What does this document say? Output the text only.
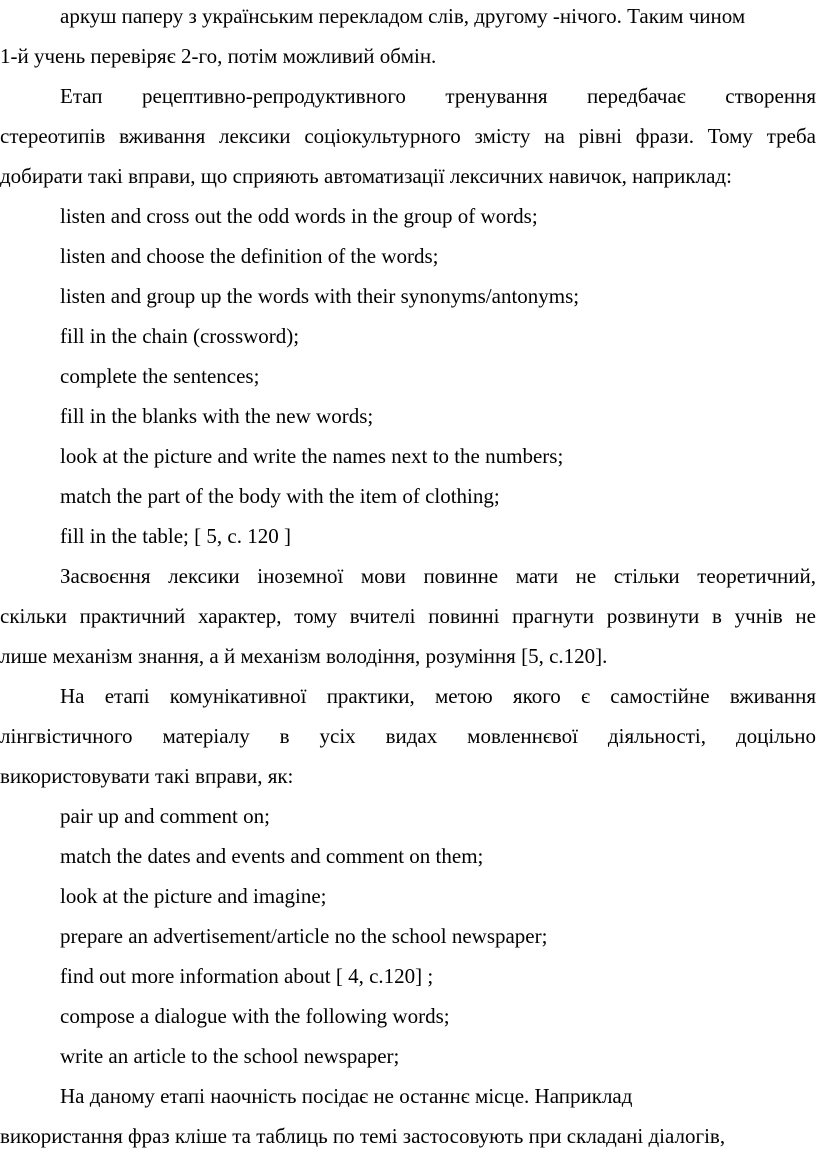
аркуш паперу з українським перекладом слів, другому -нічого. Таким чином
1-й учень перевіряє 2-го, потім можливий обмін.
Етап рецептивно-репродуктивного тренування передбачає створення
стереотипів вживання лексики соціокультурного змісту на рівні фрази. Тому треба
добирати такі вправи, що сприяють автоматизації лексичних навичок, наприклад:
listen and cross out the odd words in the group of words;
listen and choose the definition of the words;
listen and group up the words with their synonyms/antonyms;
fill in the chain (crossword);
complete the sentences;
fill in the blanks with the new words;
look at the picture and write the names next to the numbers;
match the part of the body with the item of clothing;
fill in the table; [ 5, c. 120 ]
Засвоєння лексики іноземної мови повинне мати не стільки теоретичний,
скільки практичний характер, тому вчителі повинні прагнути розвинути в учнів не
лише механізм знання, а й механізм володіння, розуміння [5, с.120].
На етапі комунікативної практики, метою якого є самостійне вживання
лінгвістичного матеріалу в усіх видах мовленнєвої діяльності, доцільно
використовувати такі вправи, як:
pair up and comment on;
match the dates and events and comment on them;
look at the picture and imagine;
prepare an advertisement/article no the school newspaper;
find out more information about [ 4, c.120] ;
compose a dialogue with the following words;
write an article to the school newspaper;
На даному етапі наочність посідає не останнє місце. Наприклад
використання фраз кліше та таблиць по темі застосовують при складані діалогів,
